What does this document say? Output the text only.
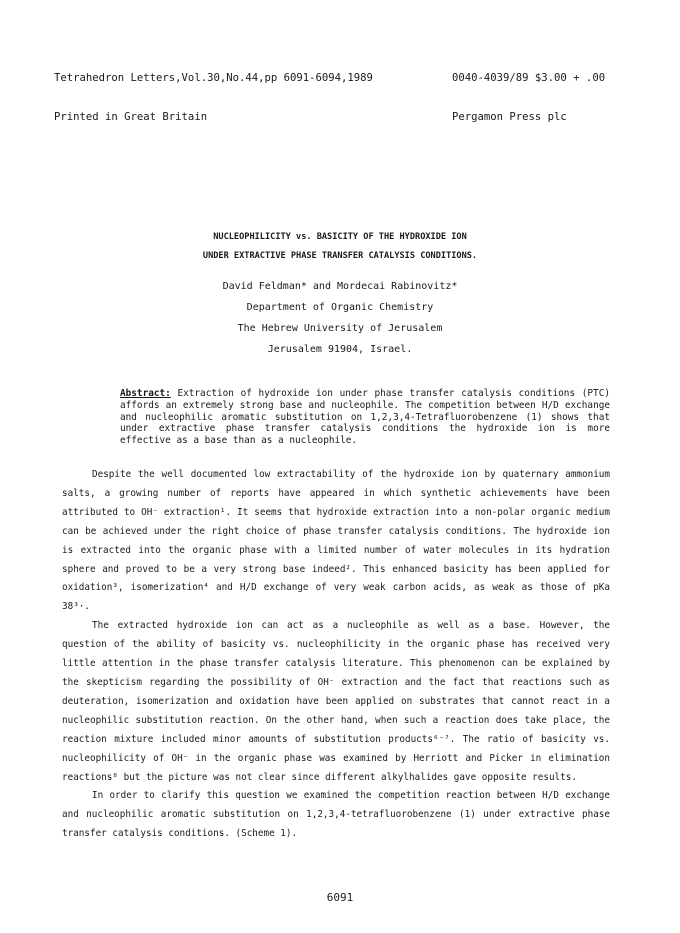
Tetrahedron Letters,Vol.30,No.44,pp 6091-6094,1989

Printed in Great Britain

0040-4039/89 $3.00 + .00

Pergamon Press plc

NUCLEOPHILICITY vs. BASICITY OF THE HYDROXIDE ION
UNDER EXTRACTIVE PHASE TRANSFER CATALYSIS CONDITIONS.
David Feldman* and Mordecai Rabinovitz*
Department of Organic Chemistry
The Hebrew University of Jerusalem
Jerusalem 91904, Israel.
Abstract: Extraction of hydroxide ion under phase transfer catalysis conditions (PTC) affords an extremely strong base and nucleophile. The competition between H/D exchange and nucleophilic aromatic substitution on 1,2,3,4-Tetrafluorobenzene (1) shows that under extractive phase transfer catalysis conditions the hydroxide ion is more effective as a base than as a nucleophile.

Despite the well documented low extractability of the hydroxide ion by quaternary ammonium salts, a growing number of reports have appeared in which synthetic achievements have been attributed to OH⁻ extraction¹. It seems that hydroxide extraction into a non-polar organic medium can be achieved under the right choice of phase transfer catalysis conditions. The hydroxide ion is extracted into the organic phase with a limited number of water molecules in its hydration sphere and proved to be a very strong base indeed². This enhanced basicity has been applied for oxidation³, isomerization⁴ and H/D exchange of very weak carbon acids, as weak as those of pKa 38³·.

The extracted hydroxide ion can act as a nucleophile as well as a base. However, the question of the ability of basicity vs. nucleophilicity in the organic phase has received very little attention in the phase transfer catalysis literature. This phenomenon can be explained by the skepticism regarding the possibility of OH⁻ extraction and the fact that reactions such as deuteration, isomerization and oxidation have been applied on substrates that cannot react in a nucleophilic substitution reaction. On the other hand, when such a reaction does take place, the reaction mixture included minor amounts of substitution products⁶⁻⁷. The ratio of basicity vs. nucleophilicity of OH⁻ in the organic phase was examined by Herriott and Picker in elimination reactions⁸ but the picture was not clear since different alkylhalides gave opposite results.

In order to clarify this question we examined the competition reaction between H/D exchange and nucleophilic aromatic substitution on 1,2,3,4-tetrafluorobenzene (1) under extractive phase transfer catalysis conditions. (Scheme 1).

6091
